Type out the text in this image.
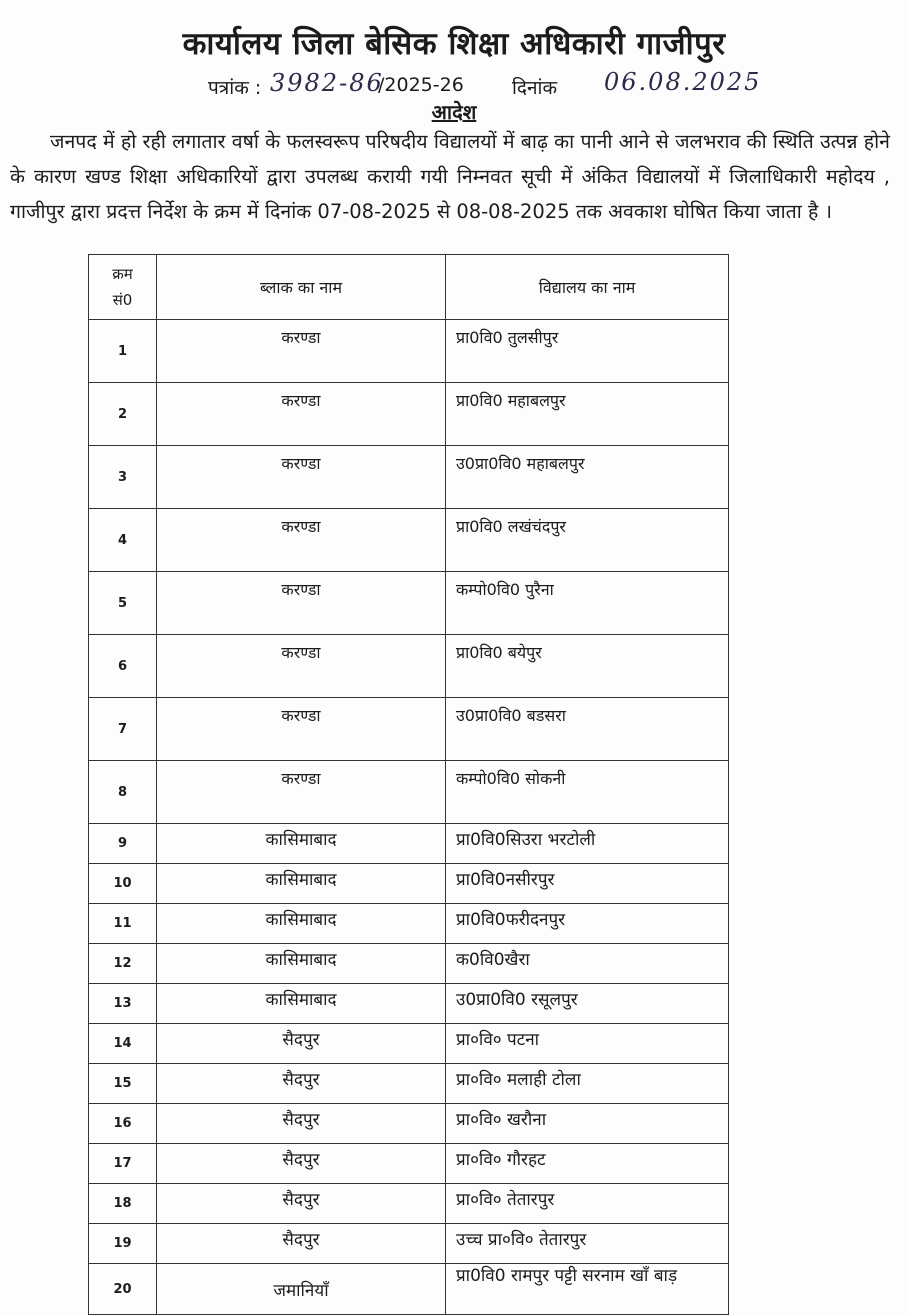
कार्यालय जिला बेसिक शिक्षा अधिकारी गाजीपुर
पत्रांक : 3982-86
/2025-26	दिनांक 06.08.2025
आदेश
जनपद में हो रही लगातार वर्षा के फलस्वरूप परिषदीय विद्यालयों में बाढ़ का पानी आने से जलभराव की स्थिति उत्पन्न होने के कारण खण्ड शिक्षा अधिकारियों द्वारा उपलब्ध करायी गयी निम्नवत सूची में अंकित विद्यालयों में जिलाधिकारी महोदय , गाजीपुर द्वारा प्रदत्त निर्देश के क्रम में दिनांक 07-08-2025 से 08-08-2025 तक अवकाश घोषित किया जाता है ।
क्रम
सं0	ब्लाक का नाम	विद्यालय का नाम
1	करण्डा	प्रा0वि0 तुलसीपुर
2	करण्डा	प्रा0वि0 महाबलपुर
3	करण्डा	उ0प्रा0वि0 महाबलपुर
4	करण्डा	प्रा0वि0 लखंचंदपुर
5	करण्डा	कम्पो0वि0 पुरैना
6	करण्डा	प्रा0वि0 बयेपुर
7	करण्डा	उ0प्रा0वि0 बडसरा
8	करण्डा	कम्पो0वि0 सोकनी
9	कासिमाबाद	प्रा0वि0सिउरा भरटोली
10	कासिमाबाद	प्रा0वि0नसीरपुर
11	कासिमाबाद	प्रा0वि0फरीदनपुर
12	कासिमाबाद	क0वि0खैरा
13	कासिमाबाद	उ0प्रा0वि0 रसूलपुर
14	सैदपुर	प्रा०वि० पटना
15	सैदपुर	प्रा०वि० मलाही टोला
16	सैदपुर	प्रा०वि० खरौना
17	सैदपुर	प्रा०वि० गौरहट
18	सैदपुर	प्रा०वि० तेतारपुर
19	सैदपुर	उच्च प्रा०वि० तेतारपुर
20	जमानियाँ	प्रा0वि0 रामपुर पट्टी सरनाम खाँ बाड़
